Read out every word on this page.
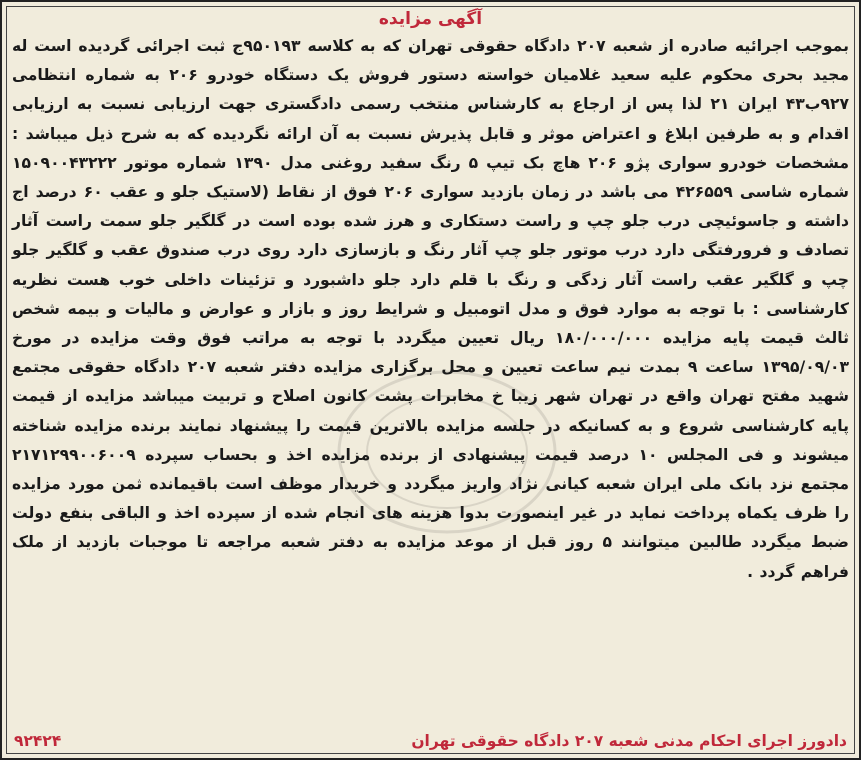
آگهی مزایده

بموجب اجرائیه صادره از شعبه ۲۰۷ دادگاه حقوقی تهران که به کلاسه ۹۵۰۱۹۳ج ثبت اجرائی گردیده است له مجید بحری محکوم علیه سعید غلامیان خواسته دستور فروش یک دستگاه خودرو ۲۰۶ به شماره انتظامی ۹۲۷ب۴۳ ایران ۲۱ لذا پس از ارجاع به کارشناس منتخب رسمی دادگستری جهت ارزیابی نسبت به ارزیابی اقدام و به طرفین ابلاغ و اعتراض موثر و قابل پذیرش نسبت به آن ارائه نگردیده که به شرح ذیل میباشد : مشخصات خودرو سواری پژو ۲۰۶ هاچ بک تیپ ۵ رنگ سفید روغنی مدل ۱۳۹۰ شماره موتور ۱۵۰۹۰۰۴۳۲۲۲ شماره شاسی ۴۲۶۵۵۹ می باشد در زمان بازدید سواری ۲۰۶ فوق از نقاط (لاستیک جلو و عقب ۶۰ درصد اج داشته و جاسوئیچی درب جلو چپ و راست دستکاری و هرز شده بوده است در گلگیر جلو سمت راست آثار تصادف و فرورفتگی دارد درب موتور جلو چپ آثار رنگ و بازسازی دارد روی درب صندوق عقب و گلگیر جلو چپ و گلگیر عقب راست آثار زدگی و رنگ با قلم دارد جلو داشبورد و تزئینات داخلی خوب هست نظریه کارشناسی : با توجه به موارد فوق و مدل اتومبیل و شرایط روز و بازار و عوارض و مالیات و بیمه شخص ثالث قیمت پایه مزایده ۱۸۰/۰۰۰/۰۰۰ ریال تعیین میگردد با توجه به مراتب فوق وقت مزایده در مورخ ۱۳۹۵/۰۹/۰۳ ساعت ۹ بمدت نیم ساعت تعیین و محل برگزاری مزایده دفتر شعبه ۲۰۷ دادگاه حقوقی مجتمع شهید مفتح تهران واقع در تهران شهر زیبا خ مخابرات پشت کانون اصلاح و تربیت میباشد مزایده از قیمت پایه کارشناسی شروع و به کسانیکه در جلسه مزایده بالاترین قیمت را پیشنهاد نمایند برنده مزایده شناخته میشوند و فی المجلس ۱۰ درصد قیمت پیشنهادی از برنده مزایده اخذ و بحساب سپرده ۲۱۷۱۲۹۹۰۰۶۰۰۹ مجتمع نزد بانک ملی ایران شعبه کیانی نژاد واریز میگردد و خریدار موظف است باقیمانده ثمن مورد مزایده را ظرف یکماه پرداخت نماید در غیر اینصورت بدوا هزینه های انجام شده از سپرده اخذ و الباقی بنفع دولت ضبط میگردد طالبین میتوانند ۵ روز قبل از موعد مزایده به دفتر شعبه مراجعه تا موجبات بازدید از ملک فراهم گردد .

دادورز اجرای احکام مدنی شعبه ۲۰۷ دادگاه حقوقی تهران
۹۲۴۲۴
